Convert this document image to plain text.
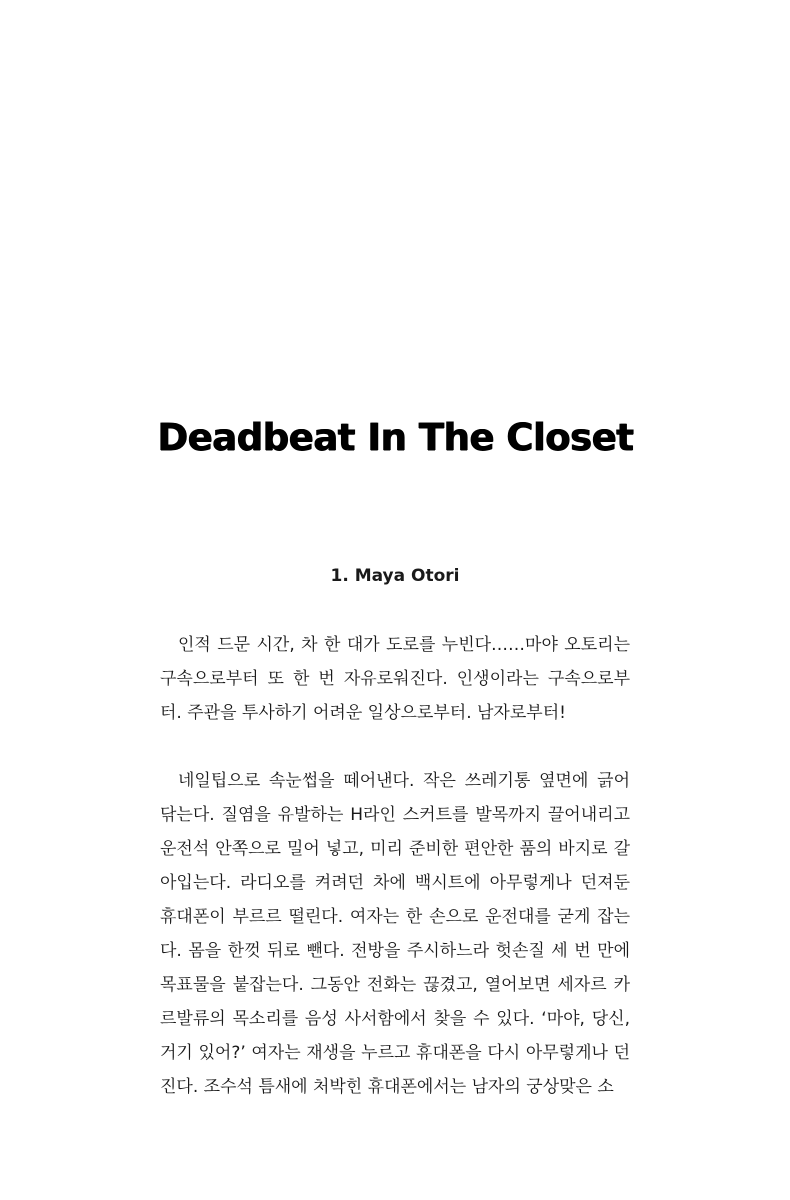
Deadbeat In The Closet
1. Maya Otori

인적 드문 시간, 차 한 대가 도로를 누빈다……마야 오토리는 구속으로부터 또 한 번 자유로워진다. 인생이라는 구속으로부터. 주관을 투사하기 어려운 일상으로부터. 남자로부터!

네일팁으로 속눈썹을 떼어낸다. 작은 쓰레기통 옆면에 긁어 닦는다. 질염을 유발하는 H라인 스커트를 발목까지 끌어내리고 운전석 안쪽으로 밀어 넣고, 미리 준비한 편안한 품의 바지로 갈아입는다. 라디오를 켜려던 차에 백시트에 아무렇게나 던져둔 휴대폰이 부르르 떨린다. 여자는 한 손으로 운전대를 굳게 잡는다. 몸을 한껏 뒤로 뺀다. 전방을 주시하느라 헛손질 세 번 만에 목표물을 붙잡는다. 그동안 전화는 끊겼고, 열어보면 세자르 카르발류의 목소리를 음성 사서함에서 찾을 수 있다. ‘마야, 당신, 거기 있어?’ 여자는 재생을 누르고 휴대폰을 다시 아무렇게나 던진다. 조수석 틈새에 처박힌 휴대폰에서는 남자의 궁상맞은 소
